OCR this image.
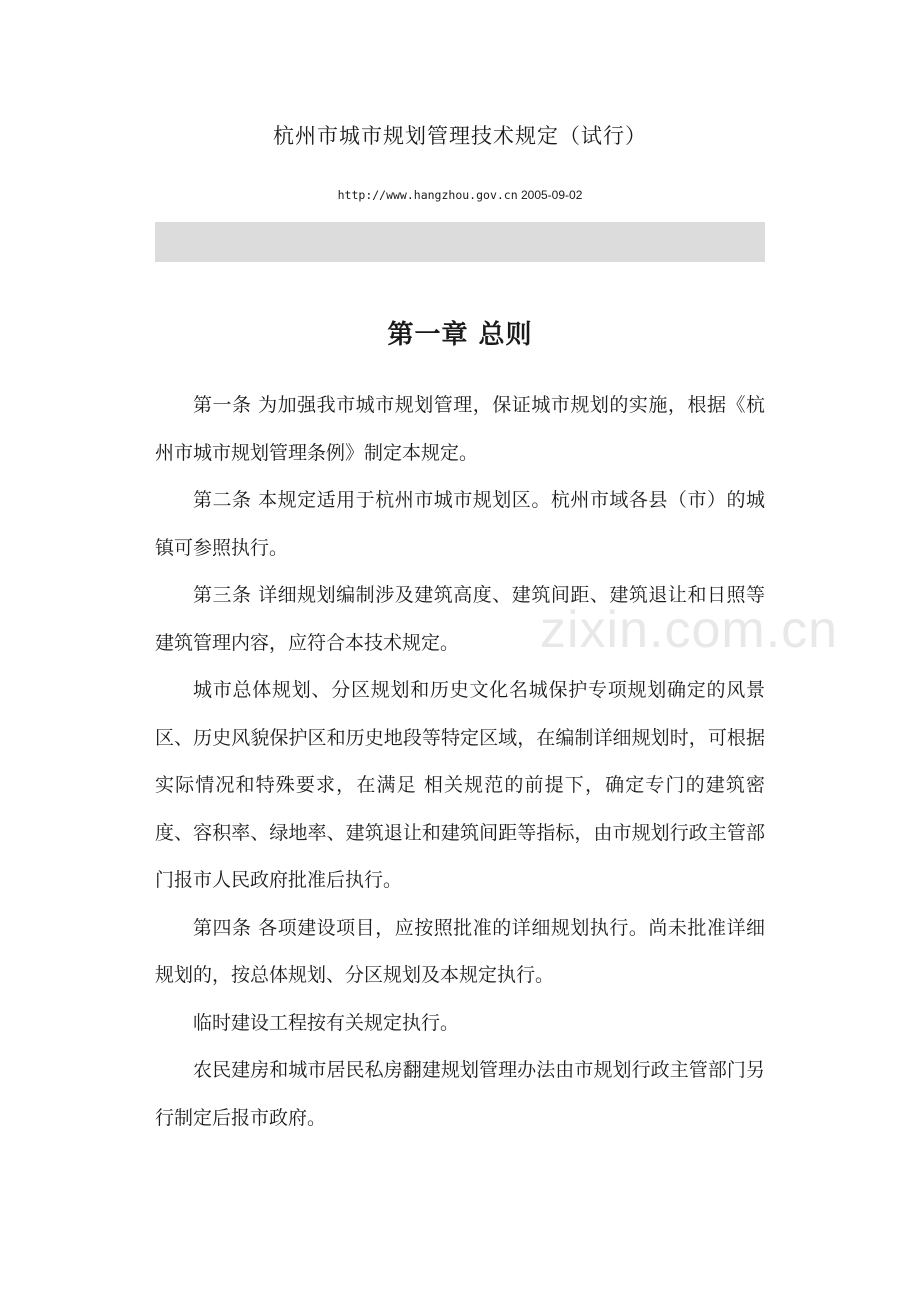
杭州市城市规划管理技术规定（试行）
http://www.hangzhou.gov.cn 2005-09-02
第一章 总则

第一条 为加强我市城市规划管理，保证城市规划的实施，根据《杭州市城市规划管理条例》制定本规定。

第二条 本规定适用于杭州市城市规划区。杭州市域各县（市）的城镇可参照执行。

第三条 详细规划编制涉及建筑高度、建筑间距、建筑退让和日照等建筑管理内容，应符合本技术规定。

城市总体规划、分区规划和历史文化名城保护专项规划确定的风景区、历史风貌保护区和历史地段等特定区域，在编制详细规划时，可根据实际情况和特殊要求，在满足 相关规范的前提下，确定专门的建筑密度、容积率、绿地率、建筑退让和建筑间距等指标，由市规划行政主管部门报市人民政府批准后执行。

第四条 各项建设项目，应按照批准的详细规划执行。尚未批准详细规划的，按总体规划、分区规划及本规定执行。

临时建设工程按有关规定执行。

农民建房和城市居民私房翻建规划管理办法由市规划行政主管部门另行制定后报市政府。

zixin.com.cn
